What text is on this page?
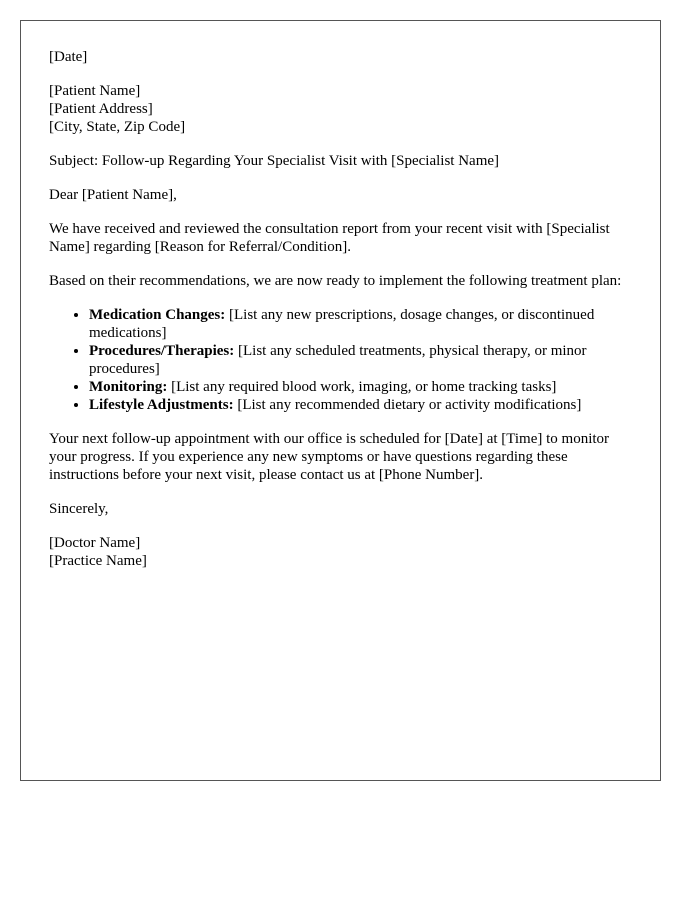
[Date]

[Patient Name]
[Patient Address]
[City, State, Zip Code]

Subject: Follow-up Regarding Your Specialist Visit with [Specialist Name]

Dear [Patient Name],

We have received and reviewed the consultation report from your recent visit with [Specialist Name] regarding [Reason for Referral/Condition].

Based on their recommendations, we are now ready to implement the following treatment plan:

• Medication Changes: [List any new prescriptions, dosage changes, or discontinued medications]
• Procedures/Therapies: [List any scheduled treatments, physical therapy, or minor procedures]
• Monitoring: [List any required blood work, imaging, or home tracking tasks]
• Lifestyle Adjustments: [List any recommended dietary or activity modifications]

Your next follow-up appointment with our office is scheduled for [Date] at [Time] to monitor your progress. If you experience any new symptoms or have questions regarding these instructions before your next visit, please contact us at [Phone Number].

Sincerely,

[Doctor Name]
[Practice Name]
